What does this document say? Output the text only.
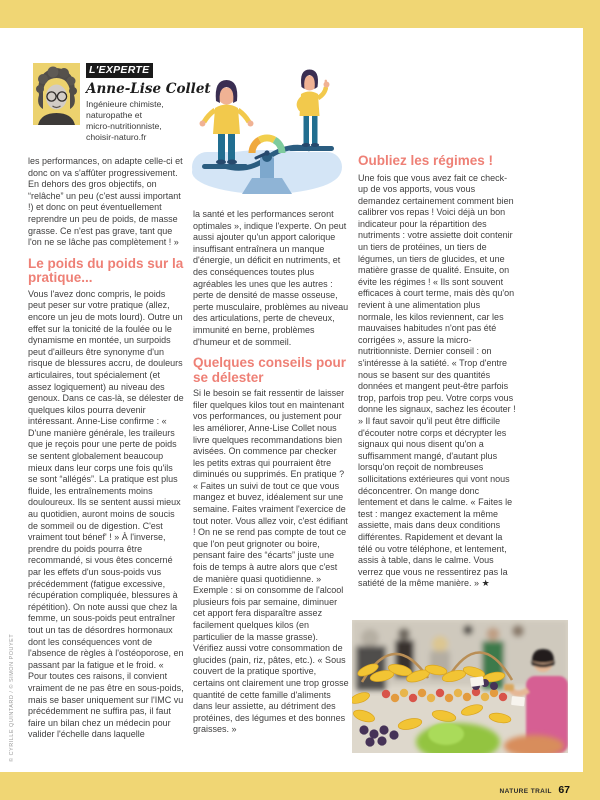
NATURE TRAIL 67
© CYRILLE QUINTARD / © SIMON POUYET
L'EXPERTE
Anne-Lise Collet
Ingénieure chimiste,
naturopathe et
micro-nutritionniste,
choisir-naturo.fr

les performances, on adapte celle-ci et donc on va s'affûter progressivement. En dehors des gros objectifs, on “relâche” un peu (c'est aussi important !) et donc on peut éventuellement reprendre un peu de poids, de masse grasse. Ce n'est pas grave, tant que l'on ne se lâche pas complètement ! »

Le poids du poids sur la pratique...

Vous l'avez donc compris, le poids peut peser sur votre pratique (allez, encore un jeu de mots lourd). Outre un effet sur la tonicité de la foulée ou le dynamisme en montée, un surpoids peut d'ailleurs être synonyme d'un risque de blessures accru, de douleurs articulaires, tout spécialement (et assez logiquement) au niveau des genoux. Dans ce cas-là, se délester de quelques kilos pourra devenir intéressant. Anne-Lise confirme : « D'une manière générale, les traileurs que je reçois pour une perte de poids se sentent globalement beaucoup mieux dans leur corps une fois qu'ils se sont “allégés”. La pratique est plus fluide, les entraînements moins douloureux. Ils se sentent aussi mieux au quotidien, auront moins de soucis de sommeil ou de digestion. C'est vraiment tout bénef' ! » À l'inverse, prendre du poids pourra être recommandé, si vous êtes concerné par les effets d'un sous-poids vus précédemment (fatigue excessive, récupération compliquée, blessures à répétition). On note aussi que chez la femme, un sous-poids peut entraîner tout un tas de désordres hormonaux dont les conséquences vont de l'absence de règles à l'ostéoporose, en passant par la fatigue et le froid. « Pour toutes ces raisons, il convient vraiment de ne pas être en sous-poids, mais se baser uniquement sur l'IMC vu précédemment ne suffira pas, il faut faire un bilan chez un médecin pour valider l'échelle dans laquelle

la santé et les performances seront optimales », indique l'experte. On peut aussi ajouter qu'un apport calorique insuffisant entraînera un manque d'énergie, un déficit en nutriments, et des conséquences toutes plus agréables les unes que les autres : perte de densité de masse osseuse, perte musculaire, problèmes au niveau des articulations, perte de cheveux, immunité en berne, problèmes d'humeur et de sommeil.

Quelques conseils pour se délester

Si le besoin se fait ressentir de laisser filer quelques kilos tout en maintenant vos performances, ou justement pour les améliorer, Anne-Lise Collet nous livre quelques recommandations bien avisées. On commence par checker les petits extras qui pourraient être diminués ou supprimés. En pratique ? « Faites un suivi de tout ce que vous mangez et buvez, idéalement sur une semaine. Faites vraiment l'exercice de tout noter. Vous allez voir, c'est édifiant ! On ne se rend pas compte de tout ce que l'on peut grignoter ou boire, pensant faire des “écarts” juste une fois de temps à autre alors que c'est de manière quasi quotidienne. » Exemple : si on consomme de l'alcool plusieurs fois par semaine, diminuer cet apport fera disparaître assez facilement quelques kilos (en particulier de la masse grasse). Vérifiez aussi votre consommation de glucides (pain, riz, pâtes, etc.). « Sous couvert de la pratique sportive, certains ont clairement une trop grosse quantité de cette famille d'aliments dans leur assiette, au détriment des protéines, des légumes et des bonnes graisses. »

Oubliez les régimes !

Une fois que vous avez fait ce check-up de vos apports, vous vous demandez certainement comment bien calibrer vos repas ! Voici déjà un bon indicateur pour la répartition des nutriments : votre assiette doit contenir un tiers de protéines, un tiers de légumes, un tiers de glucides, et une matière grasse de qualité. Ensuite, on évite les régimes ! « Ils sont souvent efficaces à court terme, mais dès qu'on revient à une alimentation plus normale, les kilos reviennent, car les mauvaises habitudes n'ont pas été corrigées », assure la micro-nutritionniste. Dernier conseil : on s'intéresse à la satiété. « Trop d'entre nous se basent sur des quantités données et mangent peut-être parfois trop, parfois trop peu. Votre corps vous donne les signaux, sachez les écouter ! » Il faut savoir qu'il peut être difficile d'écouter notre corps et décrypter les signaux qui nous disent qu'on a suffisamment mangé, d'autant plus lorsqu'on reçoit de nombreuses sollicitations extérieures qui vont nous déconcentrer. On mange donc lentement et dans le calme. « Faites le test : mangez exactement la même assiette, mais dans deux conditions différentes. Rapidement et devant la télé ou votre téléphone, et lentement, assis à table, dans le calme. Vous verrez que vous ne ressentirez pas la satiété de la même manière. » ★
